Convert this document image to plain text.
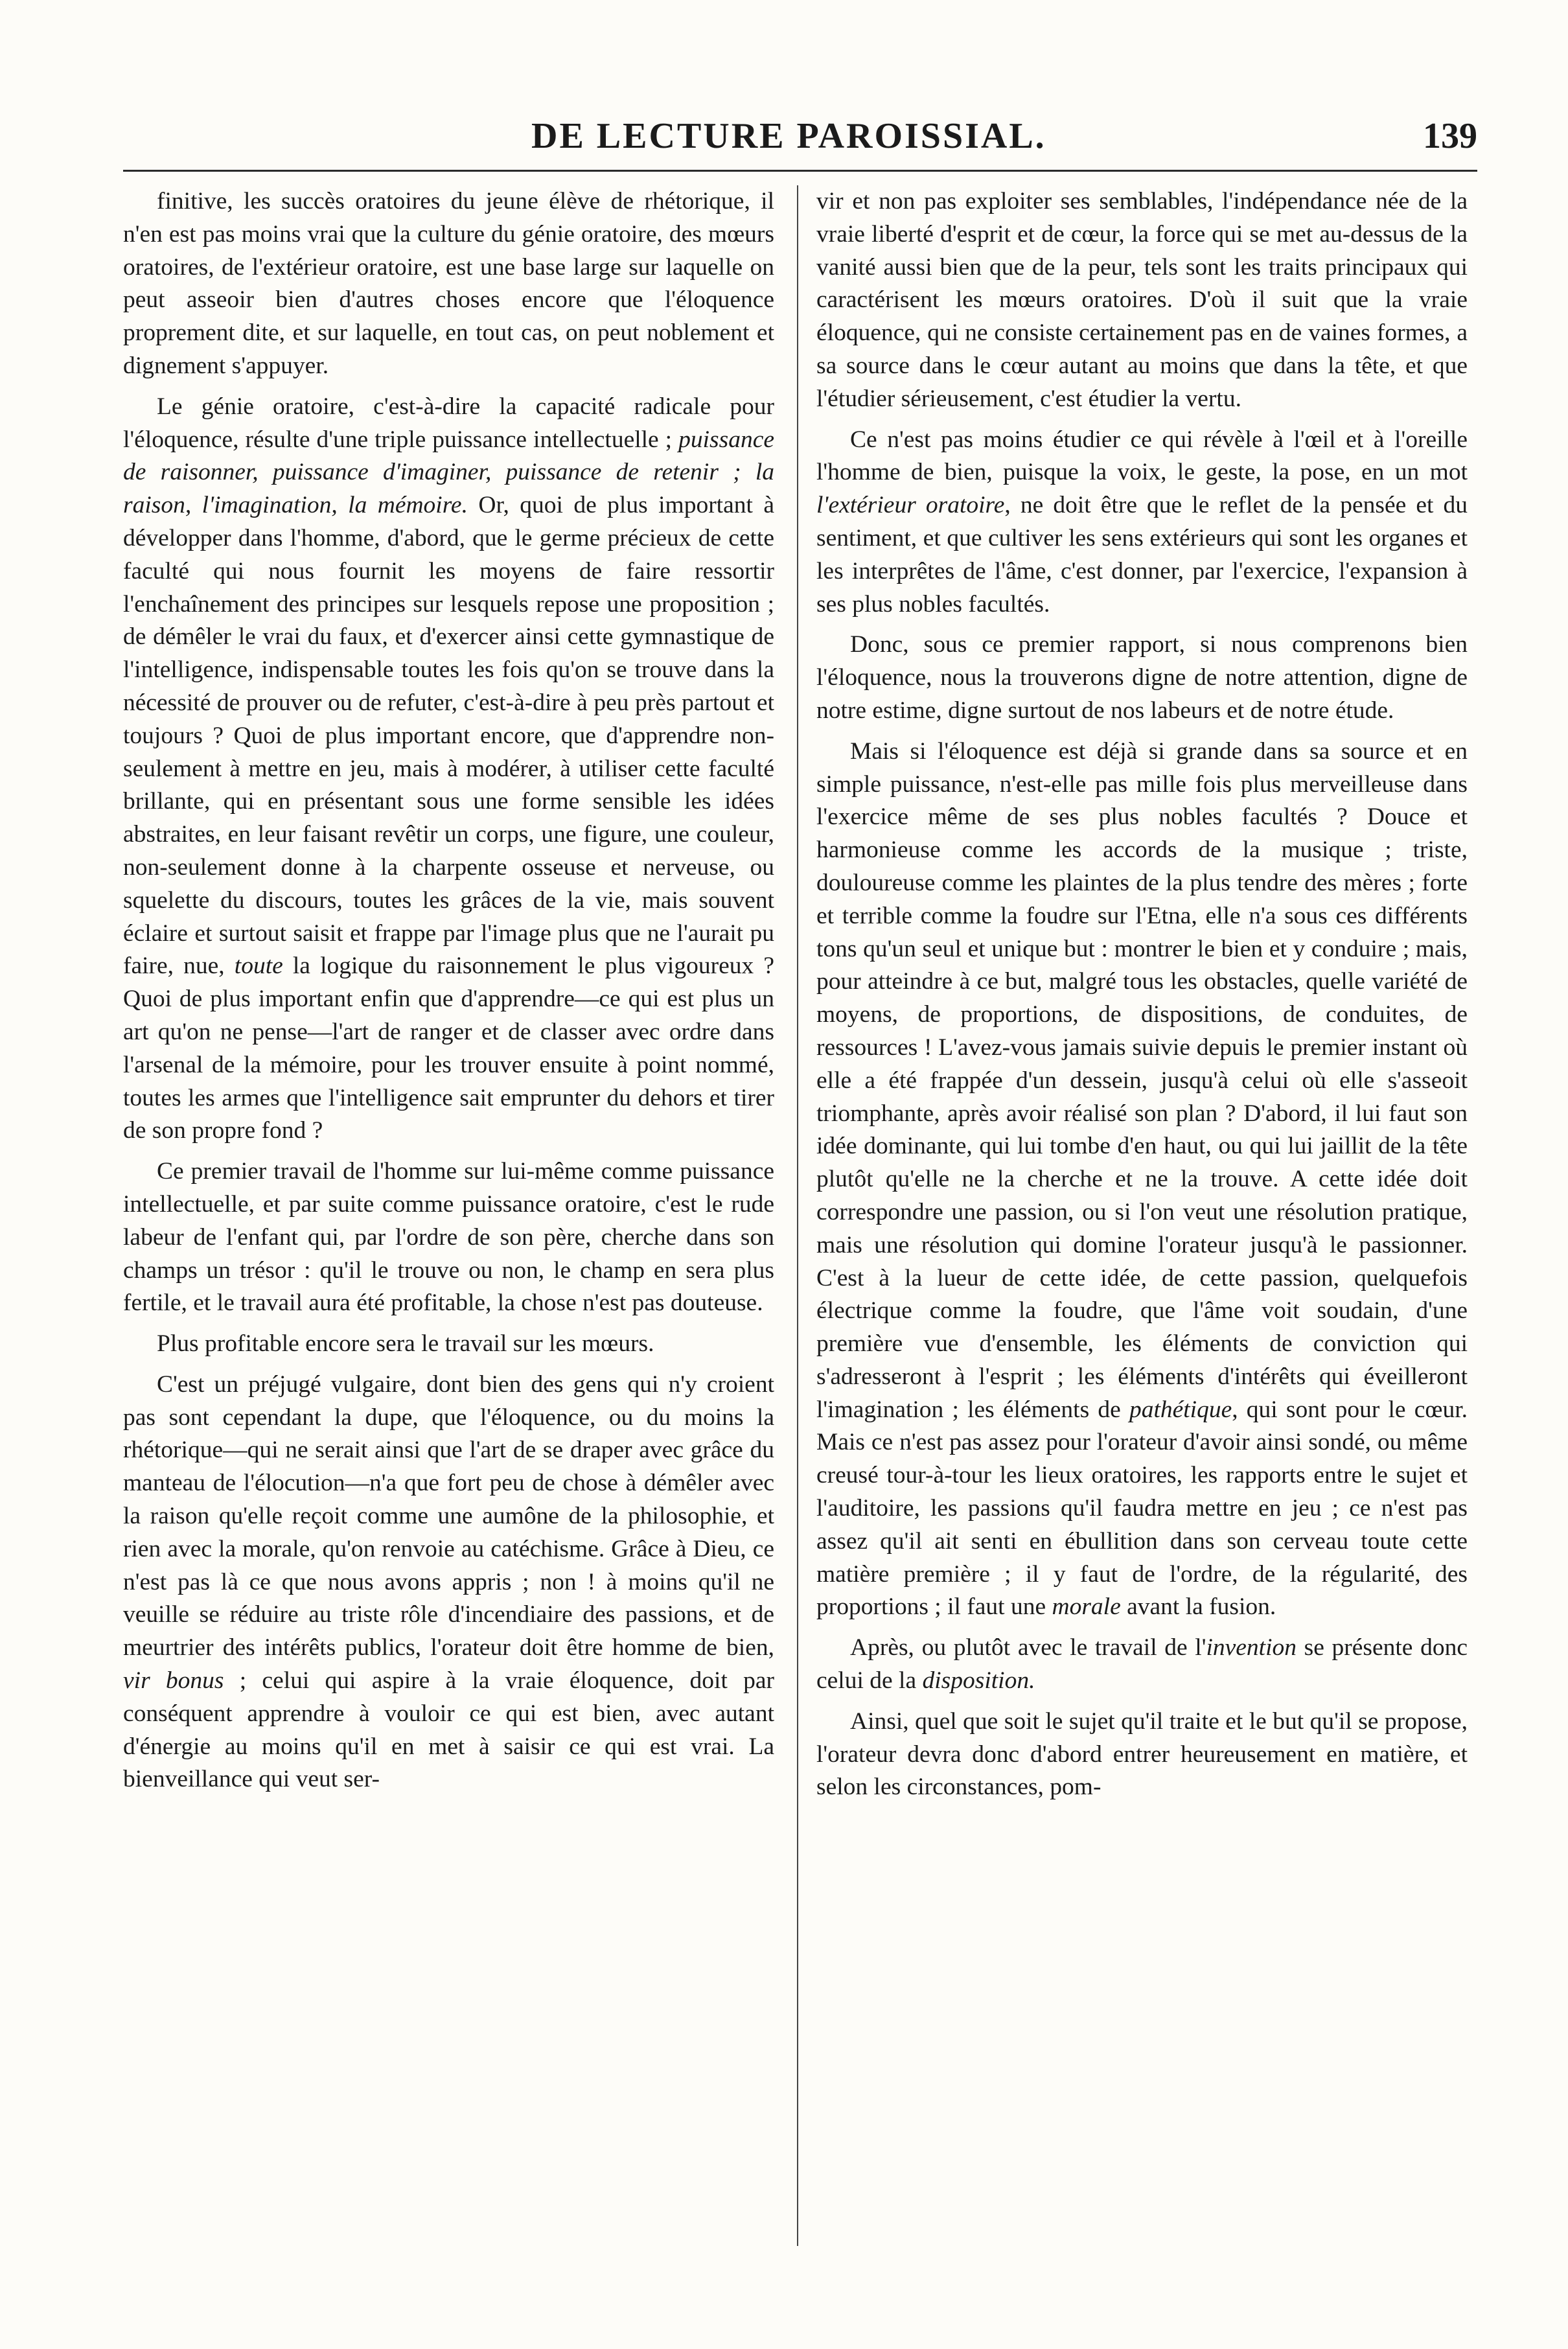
DE LECTURE PAROISSIAL.	139

finitive, les succès oratoires du jeune élève de rhétorique, il n'en est pas moins vrai que la culture du génie oratoire, des mœurs oratoires, de l'extérieur oratoire, est une base large sur laquelle on peut asseoir bien d'autres choses encore que l'éloquence proprement dite, et sur laquelle, en tout cas, on peut noblement et dignement s'appuyer.

Le génie oratoire, c'est-à-dire la capacité radicale pour l'éloquence, résulte d'une triple puissance intellectuelle ; puissance de raisonner, puissance d'imaginer, puissance de retenir ; la raison, l'imagination, la mémoire. Or, quoi de plus important à développer dans l'homme, d'abord, que le germe précieux de cette faculté qui nous fournit les moyens de faire ressortir l'enchaînement des principes sur lesquels repose une proposition ; de démêler le vrai du faux, et d'exercer ainsi cette gymnastique de l'intelligence, indispensable toutes les fois qu'on se trouve dans la nécessité de prouver ou de refuter, c'est-à-dire à peu près partout et toujours ? Quoi de plus important encore, que d'apprendre non-seulement à mettre en jeu, mais à modérer, à utiliser cette faculté brillante, qui en présentant sous une forme sensible les idées abstraites, en leur faisant revêtir un corps, une figure, une couleur, non-seulement donne à la charpente osseuse et nerveuse, ou squelette du discours, toutes les grâces de la vie, mais souvent éclaire et surtout saisit et frappe par l'image plus que ne l'aurait pu faire, nue, toute la logique du raisonnement le plus vigoureux ? Quoi de plus important enfin que d'apprendre—ce qui est plus un art qu'on ne pense—l'art de ranger et de classer avec ordre dans l'arsenal de la mémoire, pour les trouver ensuite à point nommé, toutes les armes que l'intelligence sait emprunter du dehors et tirer de son propre fond ?

Ce premier travail de l'homme sur lui-même comme puissance intellectuelle, et par suite comme puissance oratoire, c'est le rude labeur de l'enfant qui, par l'ordre de son père, cherche dans son champs un trésor : qu'il le trouve ou non, le champ en sera plus fertile, et le travail aura été profitable, la chose n'est pas douteuse.

Plus profitable encore sera le travail sur les mœurs.

C'est un préjugé vulgaire, dont bien des gens qui n'y croient pas sont cependant la dupe, que l'éloquence, ou du moins la rhétorique—qui ne serait ainsi que l'art de se draper avec grâce du manteau de l'élocution—n'a que fort peu de chose à démêler avec la raison qu'elle reçoit comme une aumône de la philosophie, et rien avec la morale, qu'on renvoie au catéchisme. Grâce à Dieu, ce n'est pas là ce que nous avons appris ; non ! à moins qu'il ne veuille se réduire au triste rôle d'incendiaire des passions, et de meurtrier des intérêts publics, l'orateur doit être homme de bien, vir bonus ; celui qui aspire à la vraie éloquence, doit par conséquent apprendre à vouloir ce qui est bien, avec autant d'énergie au moins qu'il en met à saisir ce qui est vrai. La bienveillance qui veut ser-

vir et non pas exploiter ses semblables, l'indépendance née de la vraie liberté d'esprit et de cœur, la force qui se met au-dessus de la vanité aussi bien que de la peur, tels sont les traits principaux qui caractérisent les mœurs oratoires. D'où il suit que la vraie éloquence, qui ne consiste certainement pas en de vaines formes, a sa source dans le cœur autant au moins que dans la tête, et que l'étudier sérieusement, c'est étudier la vertu.

Ce n'est pas moins étudier ce qui révèle à l'œil et à l'oreille l'homme de bien, puisque la voix, le geste, la pose, en un mot l'extérieur oratoire, ne doit être que le reflet de la pensée et du sentiment, et que cultiver les sens extérieurs qui sont les organes et les interprêtes de l'âme, c'est donner, par l'exercice, l'expansion à ses plus nobles facultés.

Donc, sous ce premier rapport, si nous comprenons bien l'éloquence, nous la trouverons digne de notre attention, digne de notre estime, digne surtout de nos labeurs et de notre étude.

Mais si l'éloquence est déjà si grande dans sa source et en simple puissance, n'est-elle pas mille fois plus merveilleuse dans l'exercice même de ses plus nobles facultés ? Douce et harmonieuse comme les accords de la musique ; triste, douloureuse comme les plaintes de la plus tendre des mères ; forte et terrible comme la foudre sur l'Etna, elle n'a sous ces différents tons qu'un seul et unique but : montrer le bien et y conduire ; mais, pour atteindre à ce but, malgré tous les obstacles, quelle variété de moyens, de proportions, de dispositions, de conduites, de ressources ! L'avez-vous jamais suivie depuis le premier instant où elle a été frappée d'un dessein, jusqu'à celui où elle s'asseoit triomphante, après avoir réalisé son plan ? D'abord, il lui faut son idée dominante, qui lui tombe d'en haut, ou qui lui jaillit de la tête plutôt qu'elle ne la cherche et ne la trouve. A cette idée doit correspondre une passion, ou si l'on veut une résolution pratique, mais une résolution qui domine l'orateur jusqu'à le passionner. C'est à la lueur de cette idée, de cette passion, quelquefois électrique comme la foudre, que l'âme voit soudain, d'une première vue d'ensemble, les éléments de conviction qui s'adresseront à l'esprit ; les éléments d'intérêts qui éveilleront l'imagination ; les éléments de pathétique, qui sont pour le cœur. Mais ce n'est pas assez pour l'orateur d'avoir ainsi sondé, ou même creusé tour-à-tour les lieux oratoires, les rapports entre le sujet et l'auditoire, les passions qu'il faudra mettre en jeu ; ce n'est pas assez qu'il ait senti en ébullition dans son cerveau toute cette matière première ; il y faut de l'ordre, de la régularité, des proportions ; il faut une morale avant la fusion.

Après, ou plutôt avec le travail de l'invention se présente donc celui de la disposition.

Ainsi, quel que soit le sujet qu'il traite et le but qu'il se propose, l'orateur devra donc d'abord entrer heureusement en matière, et selon les circonstances, pom-
